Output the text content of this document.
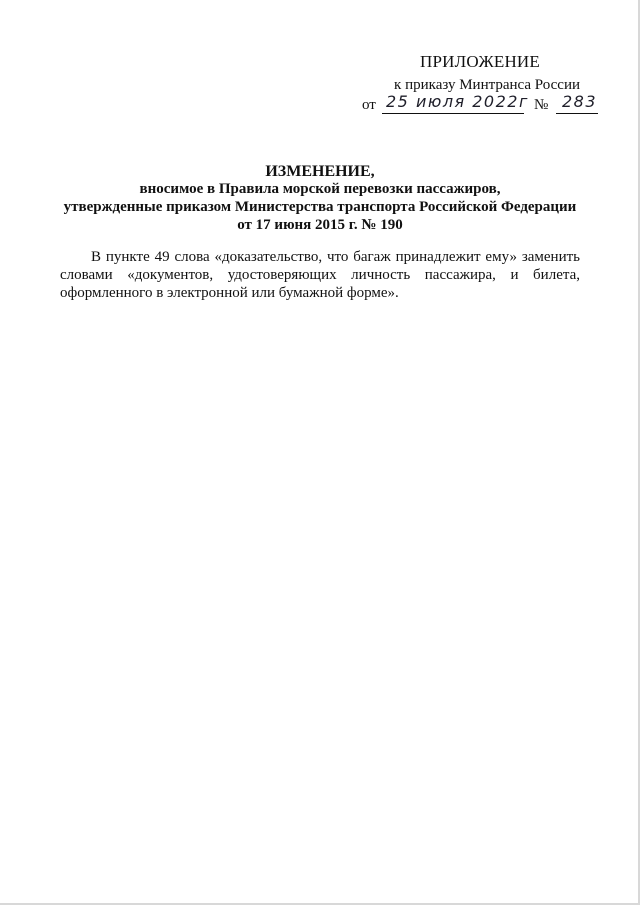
ПРИЛОЖЕНИЕ
к приказу Минтранса России
от 25 июля 2022г № 283
ИЗМЕНЕНИЕ,
вносимое в Правила морской перевозки пассажиров,
утвержденные приказом Министерства транспорта Российской Федерации
от 17 июня 2015 г. № 190
В пункте 49 слова «доказательство, что багаж принадлежит ему» заменить
словами «документов, удостоверяющих личность пассажира, и билета,
оформленного в электронной или бумажной форме».
